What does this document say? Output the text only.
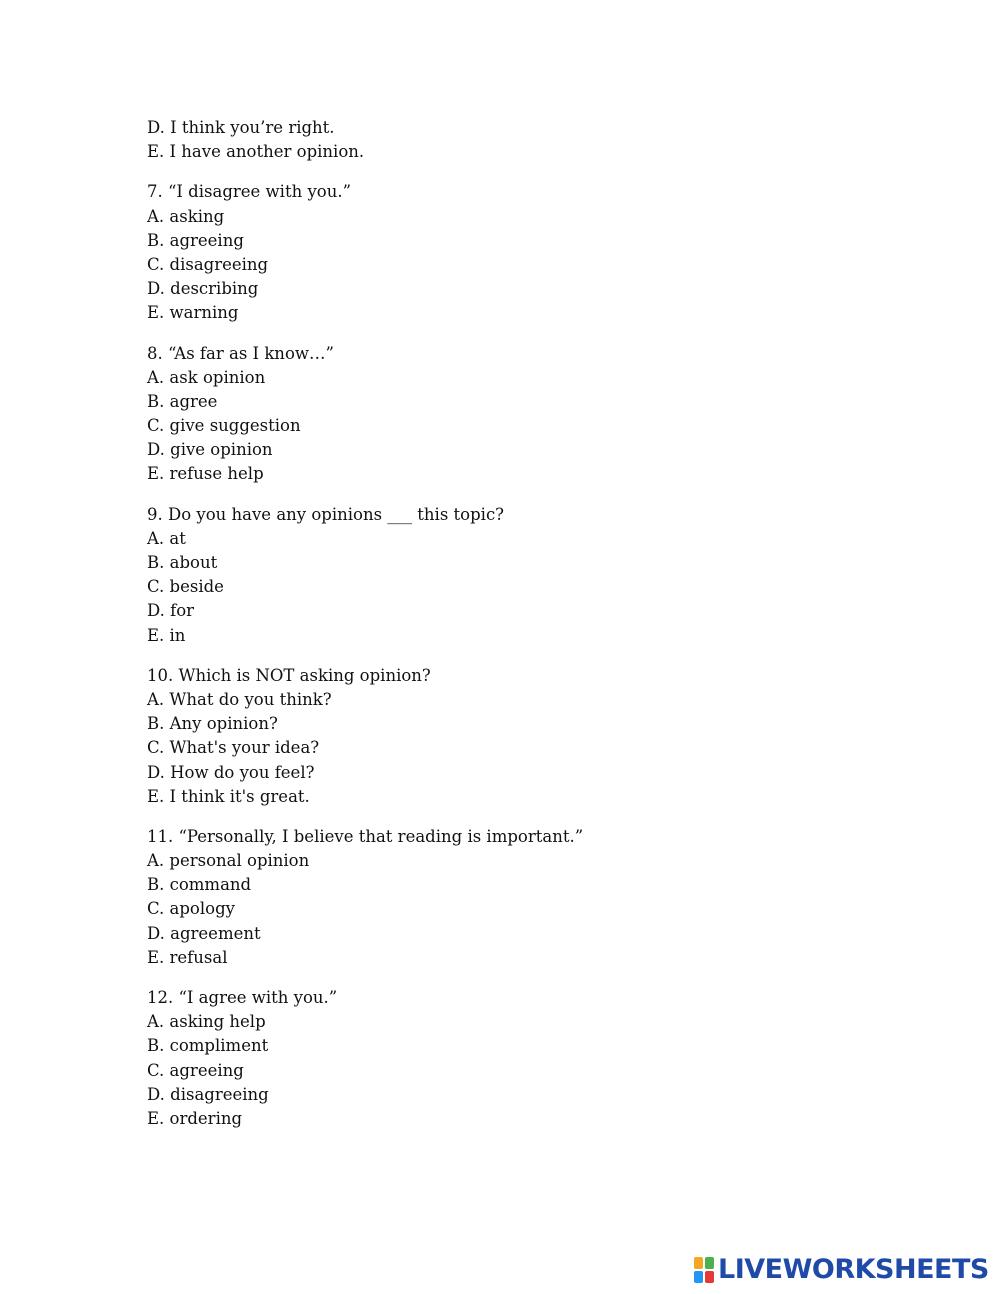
D. I think you’re right.
E. I have another opinion.
7. “I disagree with you.”
A. asking
B. agreeing
C. disagreeing
D. describing
E. warning
8. “As far as I know…”
A. ask opinion
B. agree
C. give suggestion
D. give opinion
E. refuse help
9. Do you have any opinions ___ this topic?
A. at
B. about
C. beside
D. for
E. in
10. Which is NOT asking opinion?
A. What do you think?
B. Any opinion?
C. What's your idea?
D. How do you feel?
E. I think it's great.
11. “Personally, I believe that reading is important.”
A. personal opinion
B. command
C. apology
D. agreement
E. refusal
12. “I agree with you.”
A. asking help
B. compliment
C. agreeing
D. disagreeing
E. ordering
LIVEWORKSHEETS
